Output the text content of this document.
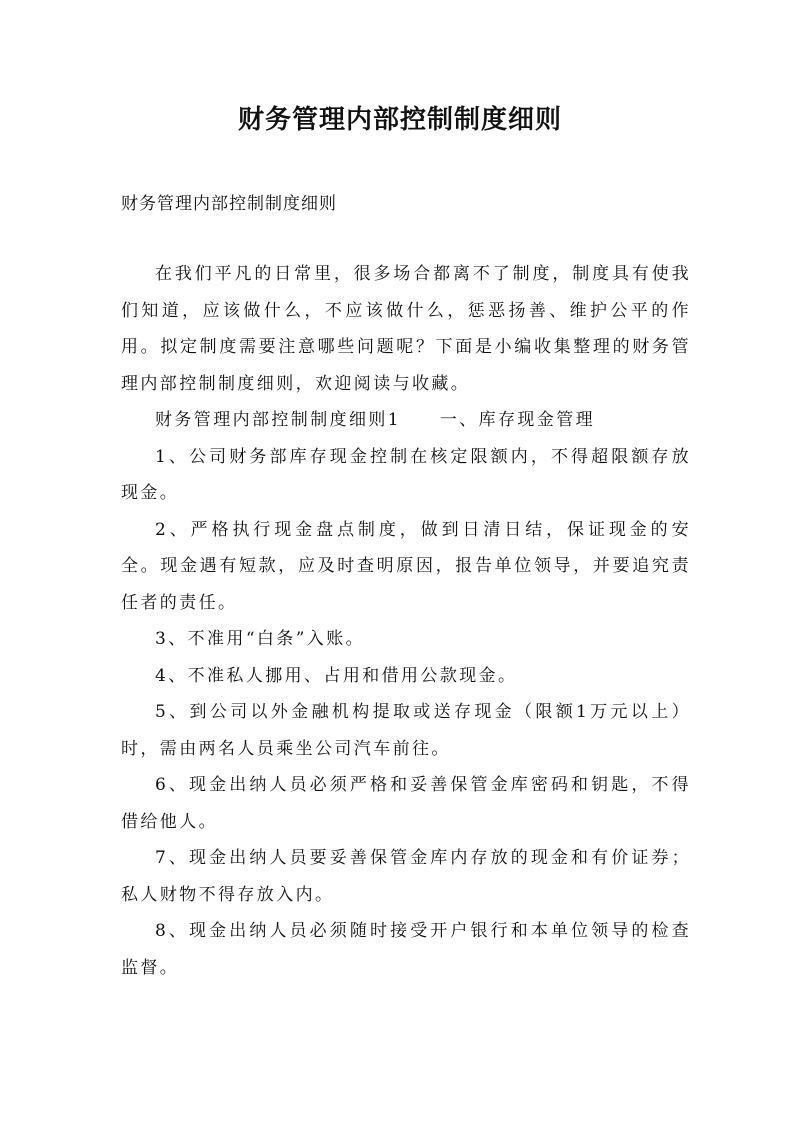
财务管理内部控制制度细则
财务管理内部控制制度细则

在我们平凡的日常里，很多场合都离不了制度，制度具有使我们知道，应该做什么，不应该做什么，惩恶扬善、维护公平的作用。拟定制度需要注意哪些问题呢？下面是小编收集整理的财务管理内部控制制度细则，欢迎阅读与收藏。

财务管理内部控制制度细则1　　一、库存现金管理

1、公司财务部库存现金控制在核定限额内，不得超限额存放现金。

2、严格执行现金盘点制度，做到日清日结，保证现金的安全。现金遇有短款，应及时查明原因，报告单位领导，并要追究责任者的责任。

3、不准用“白条”入账。

4、不准私人挪用、占用和借用公款现金。

5、到公司以外金融机构提取或送存现金（限额1万元以上）时，需由两名人员乘坐公司汽车前往。

6、现金出纳人员必须严格和妥善保管金库密码和钥匙，不得借给他人。

7、现金出纳人员要妥善保管金库内存放的现金和有价证券；私人财物不得存放入内。

8、现金出纳人员必须随时接受开户银行和本单位领导的检查监督。
